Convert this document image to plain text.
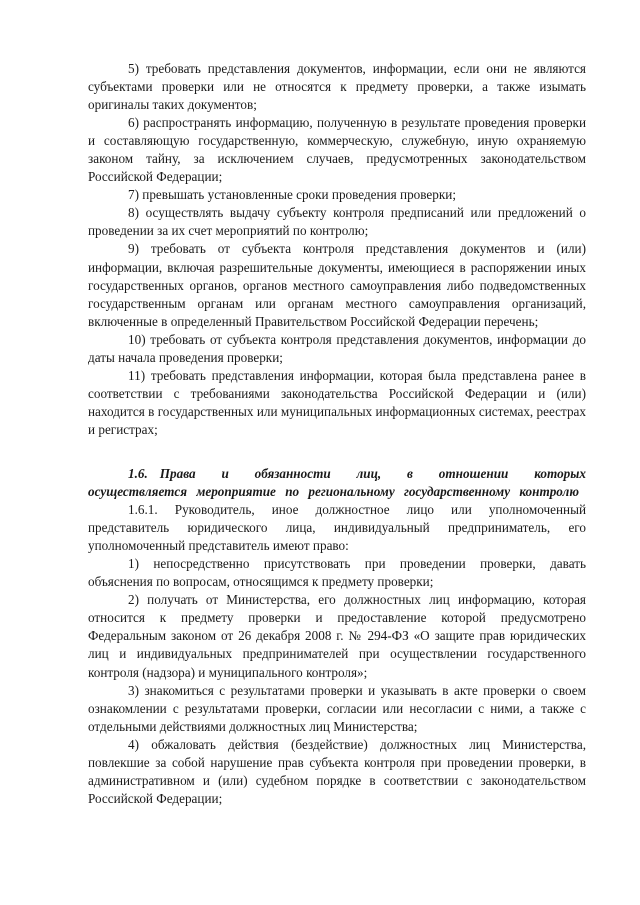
5) требовать представления документов, информации, если они не являются субъектами проверки или не относятся к предмету проверки, а также изымать оригиналы таких документов;

6) распространять информацию, полученную в результате проведения проверки и составляющую государственную, коммерческую, служебную, иную охраняемую законом тайну, за исключением случаев, предусмотренных законодательством Российской Федерации;

7) превышать установленные сроки проведения проверки;

8) осуществлять выдачу субъекту контроля предписаний или предложений о проведении за их счет мероприятий по контролю;

9) требовать от субъекта контроля представления документов и (или) информации, включая разрешительные документы, имеющиеся в распоряжении иных государственных органов, органов местного самоуправления либо подведомственных государственным органам или органам местного самоуправления организаций, включенные в определенный Правительством Российской Федерации перечень;

10) требовать от субъекта контроля представления документов, информации до даты начала проведения проверки;

11) требовать представления информации, которая была представлена ранее в соответствии с требованиями законодательства Российской Федерации и (или) находится в государственных или муниципальных информационных системах, реестрах и регистрах;

1.6. Права и обязанности лиц, в отношении которых осуществляется мероприятие по региональному государственному контролю

1.6.1. Руководитель, иное должностное лицо или уполномоченный представитель юридического лица, индивидуальный предприниматель, его уполномоченный представитель имеют право:

1) непосредственно присутствовать при проведении проверки, давать объяснения по вопросам, относящимся к предмету проверки;

2) получать от Министерства, его должностных лиц информацию, которая относится к предмету проверки и предоставление которой предусмотрено Федеральным законом от 26 декабря 2008 г. № 294-ФЗ «О защите прав юридических лиц и индивидуальных предпринимателей при осуществлении государственного контроля (надзора) и муниципального контроля»;

3) знакомиться с результатами проверки и указывать в акте проверки о своем ознакомлении с результатами проверки, согласии или несогласии с ними, а также с отдельными действиями должностных лиц Министерства;

4) обжаловать действия (бездействие) должностных лиц Министерства, повлекшие за собой нарушение прав субъекта контроля при проведении проверки, в административном и (или) судебном порядке в соответствии с законодательством Российской Федерации;
